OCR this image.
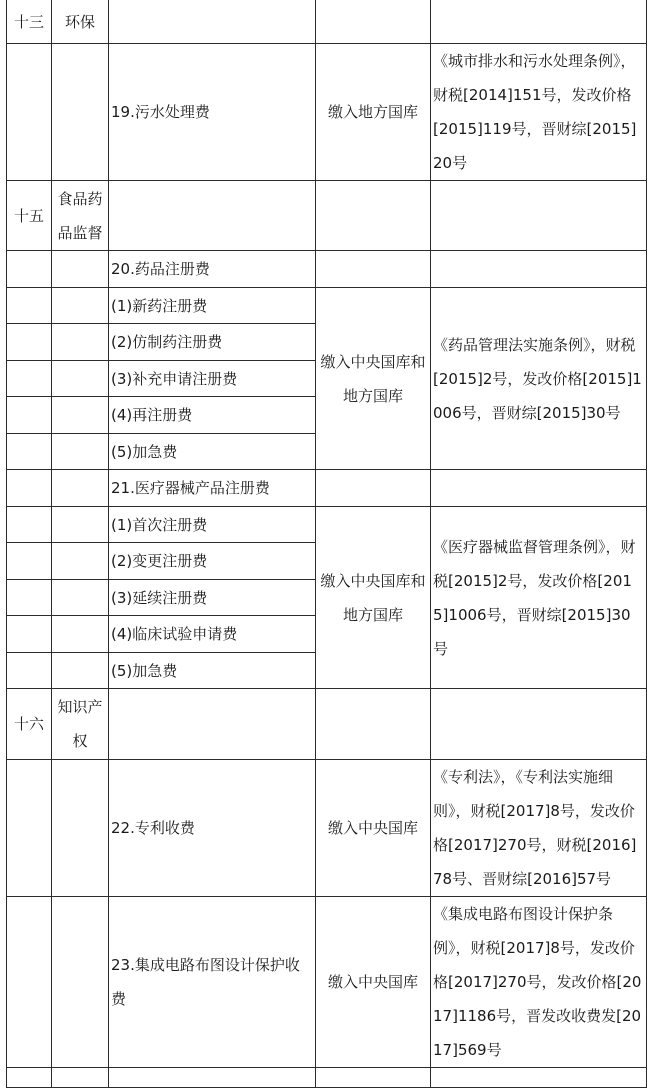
十三	环保			
		19.污水处理费	缴入地方国库	《城市排水和污水处理条例》，财税[2014]151号，发改价格[2015]119号，晋财综[2015]20号
十五	食品药品监督			
		20.药品注册费		
		(1)新药注册费	缴入中央国库和地方国库	《药品管理法实施条例》，财税[2015]2号，发改价格[2015]1006号，晋财综[2015]30号
		(2)仿制药注册费		
		(3)补充申请注册费		
		(4)再注册费		
		(5)加急费		
		21.医疗器械产品注册费		
		(1)首次注册费	缴入中央国库和地方国库	《医疗器械监督管理条例》，财税[2015]2号，发改价格[2015]1006号，晋财综[2015]30号
		(2)变更注册费		
		(3)延续注册费		
		(4)临床试验申请费		
		(5)加急费		
十六	知识产权			
		22.专利收费	缴入中央国库	《专利法》，《专利法实施细则》，财税[2017]8号，发改价格[2017]270号，财税[2016]78号、晋财综[2016]57号
		23.集成电路布图设计保护收费	缴入中央国库	《集成电路布图设计保护条例》，财税[2017]8号，发改价格[2017]270号，发改价格[2017]1186号，晋发改收费发[2017]569号
